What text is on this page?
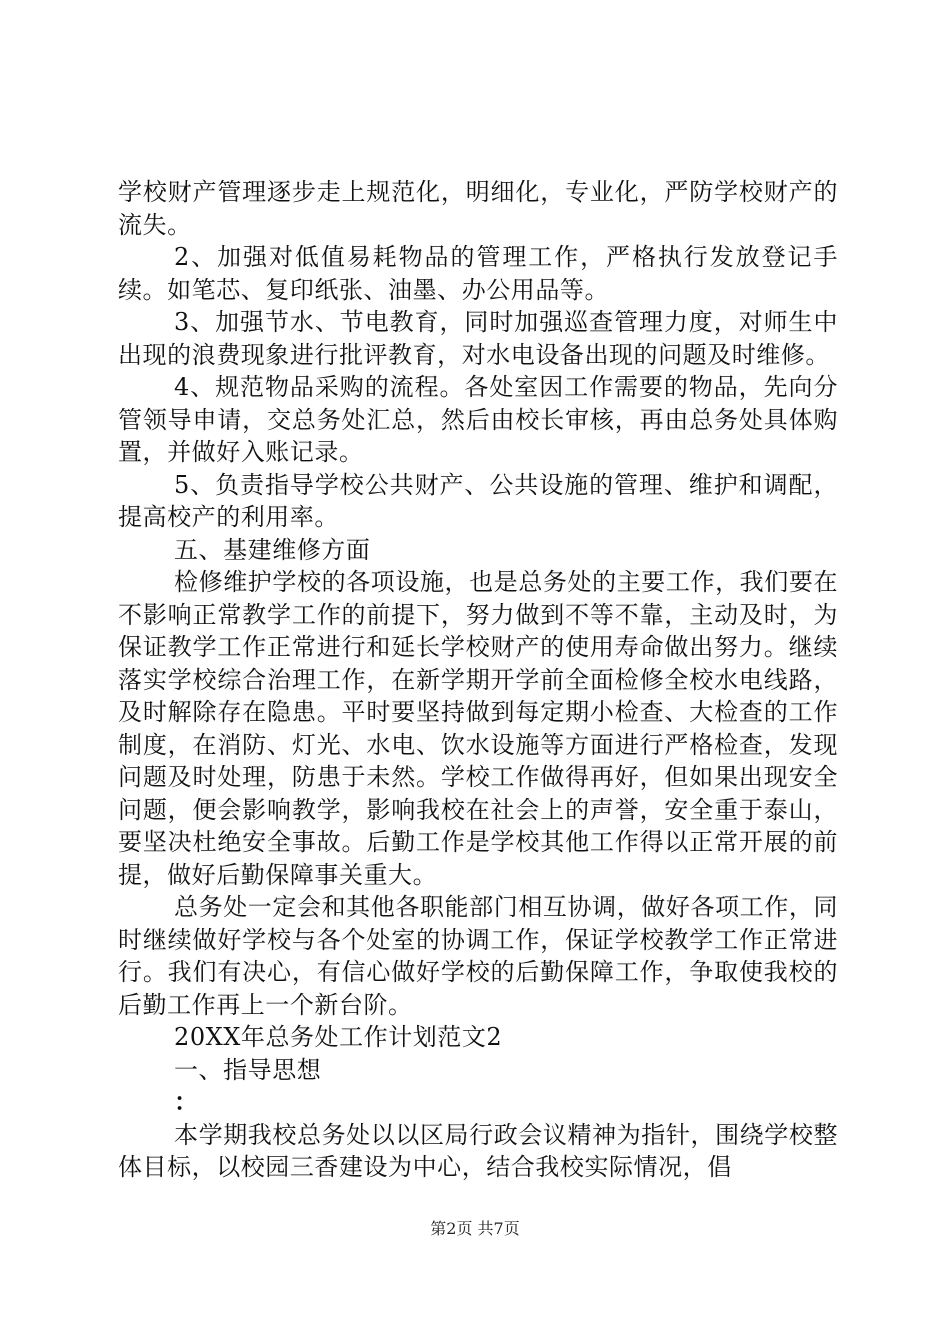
学校财产管理逐步走上规范化，明细化，专业化，严防学校财产的流失。

2、加强对低值易耗物品的管理工作，严格执行发放登记手续。如笔芯、复印纸张、油墨、办公用品等。

3、加强节水、节电教育，同时加强巡查管理力度，对师生中出现的浪费现象进行批评教育，对水电设备出现的问题及时维修。

4、规范物品采购的流程。各处室因工作需要的物品，先向分管领导申请，交总务处汇总，然后由校长审核，再由总务处具体购置，并做好入账记录。

5、负责指导学校公共财产、公共设施的管理、维护和调配，提高校产的利用率。

五、基建维修方面

检修维护学校的各项设施，也是总务处的主要工作，我们要在不影响正常教学工作的前提下，努力做到不等不靠，主动及时，为保证教学工作正常进行和延长学校财产的使用寿命做出努力。继续落实学校综合治理工作，在新学期开学前全面检修全校水电线路，及时解除存在隐患。平时要坚持做到每定期小检查、大检查的工作制度，在消防、灯光、水电、饮水设施等方面进行严格检查，发现问题及时处理，防患于未然。学校工作做得再好，但如果出现安全问题，便会影响教学，影响我校在社会上的声誉，安全重于泰山，要坚决杜绝安全事故。后勤工作是学校其他工作得以正常开展的前提，做好后勤保障事关重大。

总务处一定会和其他各职能部门相互协调，做好各项工作，同时继续做好学校与各个处室的协调工作，保证学校教学工作正常进行。我们有决心，有信心做好学校的后勤保障工作，争取使我校的后勤工作再上一个新台阶。

20XX年总务处工作计划范文2

一、指导思想

：

本学期我校总务处以以区局行政会议精神为指针，围绕学校整体目标，以校园三香建设为中心，结合我校实际情况，倡

第2页 共7页
